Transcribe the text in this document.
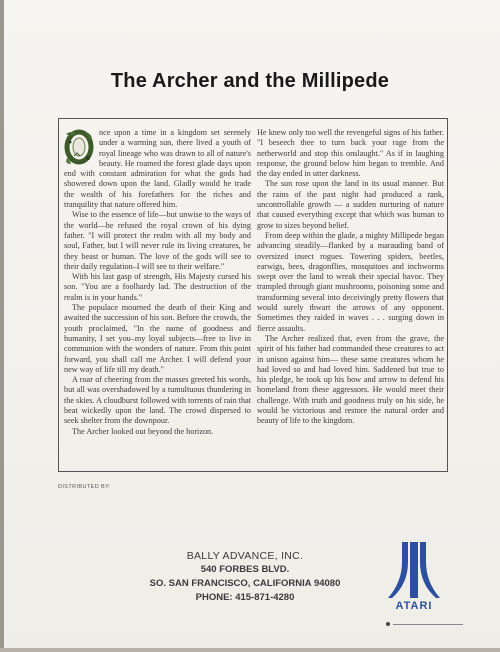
The Archer and the Millipede

nce upon a time in a kingdom set serenely under a warming sun, there lived a youth of royal lineage who was drawn to all of nature's beauty. He roamed the forest glade days upon end with constant admiration for what the gods had showered down upon the land. Gladly would he trade the wealth of his forefathers for the riches and tranquility that nature offered him.

Wise to the essence of life—but unwise to the ways of the world—he refused the royal crown of his dying father. "I will protect the realm with all my body and soul, Father, but I will never rule its living creatures, be they beast or human. The love of the gods will see to their daily regulation–I will see to their welfare."

With his last gasp of strength, His Majesty cursed his son. "You are a foolhardy lad. The destruction of the realm is in your hands."

The populace mourned the death of their King and awaited the succession of his son. Before the crowds, the youth proclaimed, "In the name of goodness and humanity, I set you–my loyal subjects—free to live in communion with the wonders of nature. From this point forward, you shall call me Archer. I will defend your new way of life till my death."

A roar of cheering from the masses greeted his words, but all was overshadowed by a tumultuous thundering in the skies. A cloudburst followed with torrents of rain that beat wickedly upon the land. The crowd dispersed to seek shelter from the downpour.

The Archer looked out beyond the horizon.

He knew only too well the revengeful signs of his father. "I beseech thee to turn back your rage from the netherworld and stop this onslaught." As if in laughing response, the ground below him began to tremble. And the day ended in utter darkness.

The sun rose upon the land in its usual manner. But the rains of the past night had produced a rank, uncontrollable growth — a sudden nurturing of nature that caused everything except that which was human to grow to sizes beyond belief.

From deep within the glade, a mighty Millipede began advancing steadily—flanked by a marauding band of oversized insect rogues. Towering spiders, beetles, earwigs, bees, dragonflies, mosquitoes and inchworms swept over the land to wreak their special havoc. They trampled through giant mushrooms, poisoning some and transforming several into deceivingly pretty flowers that would surely thwart the arrows of any opponent. Sometimes they raided in waves . . . surging down in fierce assaults.

The Archer realized that, even from the grave, the spirit of his father had commanded these creatures to act in unison against him— these same creatures whom he had loved so and had loved him. Saddened but true to his pledge, he took up his bow and arrow to defend his homeland from these aggressors. He would meet their challenge. With truth and goodness truly on his side, he would be victorious and restore the natural order and beauty of life to the kingdom.

DISTRIBUTED BY:
BALLY ADVANCE, INC.
540 FORBES BLVD.
SO. SAN FRANCISCO, CALIFORNIA 94080
PHONE: 415-871-4280
ATARI
